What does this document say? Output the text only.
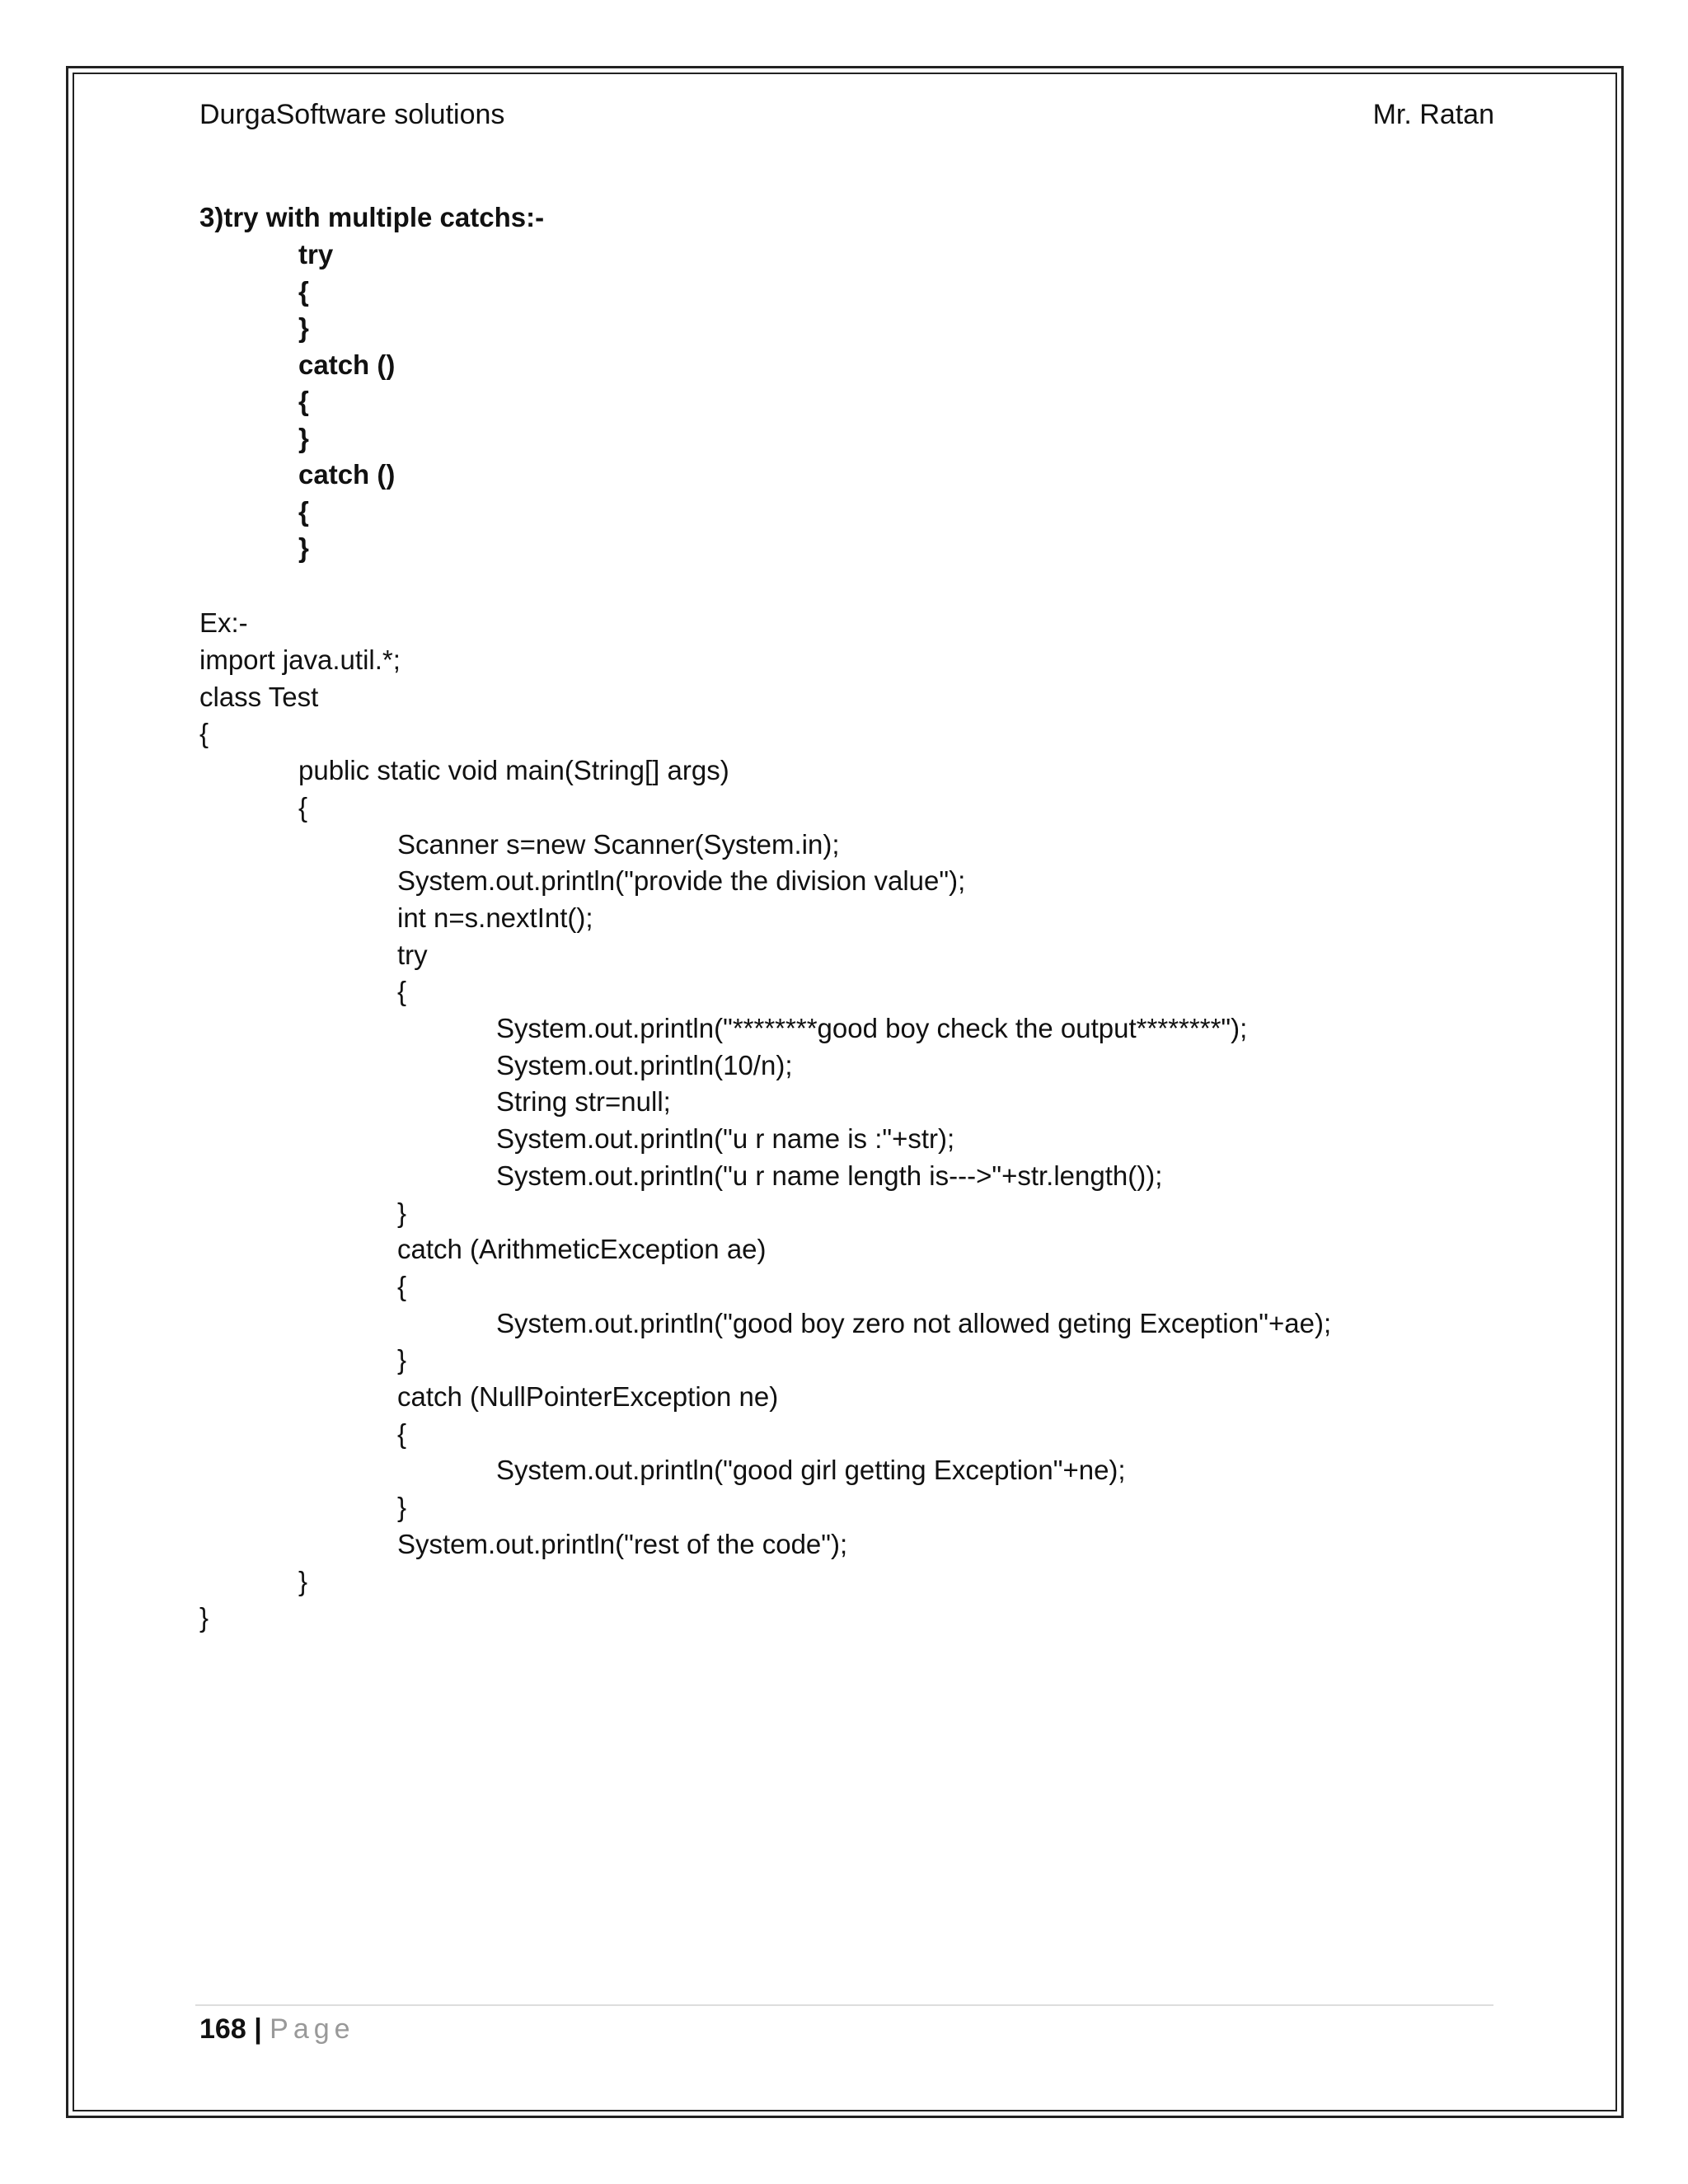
DurgaSoftware solutions	Mr. Ratan
3)try with multiple catchs:-
try
{
}
catch ()
{
}
catch ()
{
}
Ex:-
import java.util.*;
class Test
{
public static void main(String[] args)
{
Scanner s=new Scanner(System.in);
System.out.println("provide the division value");
int n=s.nextInt();
try
{
System.out.println("********good boy check the output********");
System.out.println(10/n);
String str=null;
System.out.println("u r name is :"+str);
System.out.println("u r name length is--->"+str.length());
}
catch (ArithmeticException ae)
{
System.out.println("good boy zero not allowed geting Exception"+ae);
}
catch (NullPointerException ne)
{
System.out.println("good girl getting Exception"+ne);
}
System.out.println("rest of the code");
}
}
168 | Page
